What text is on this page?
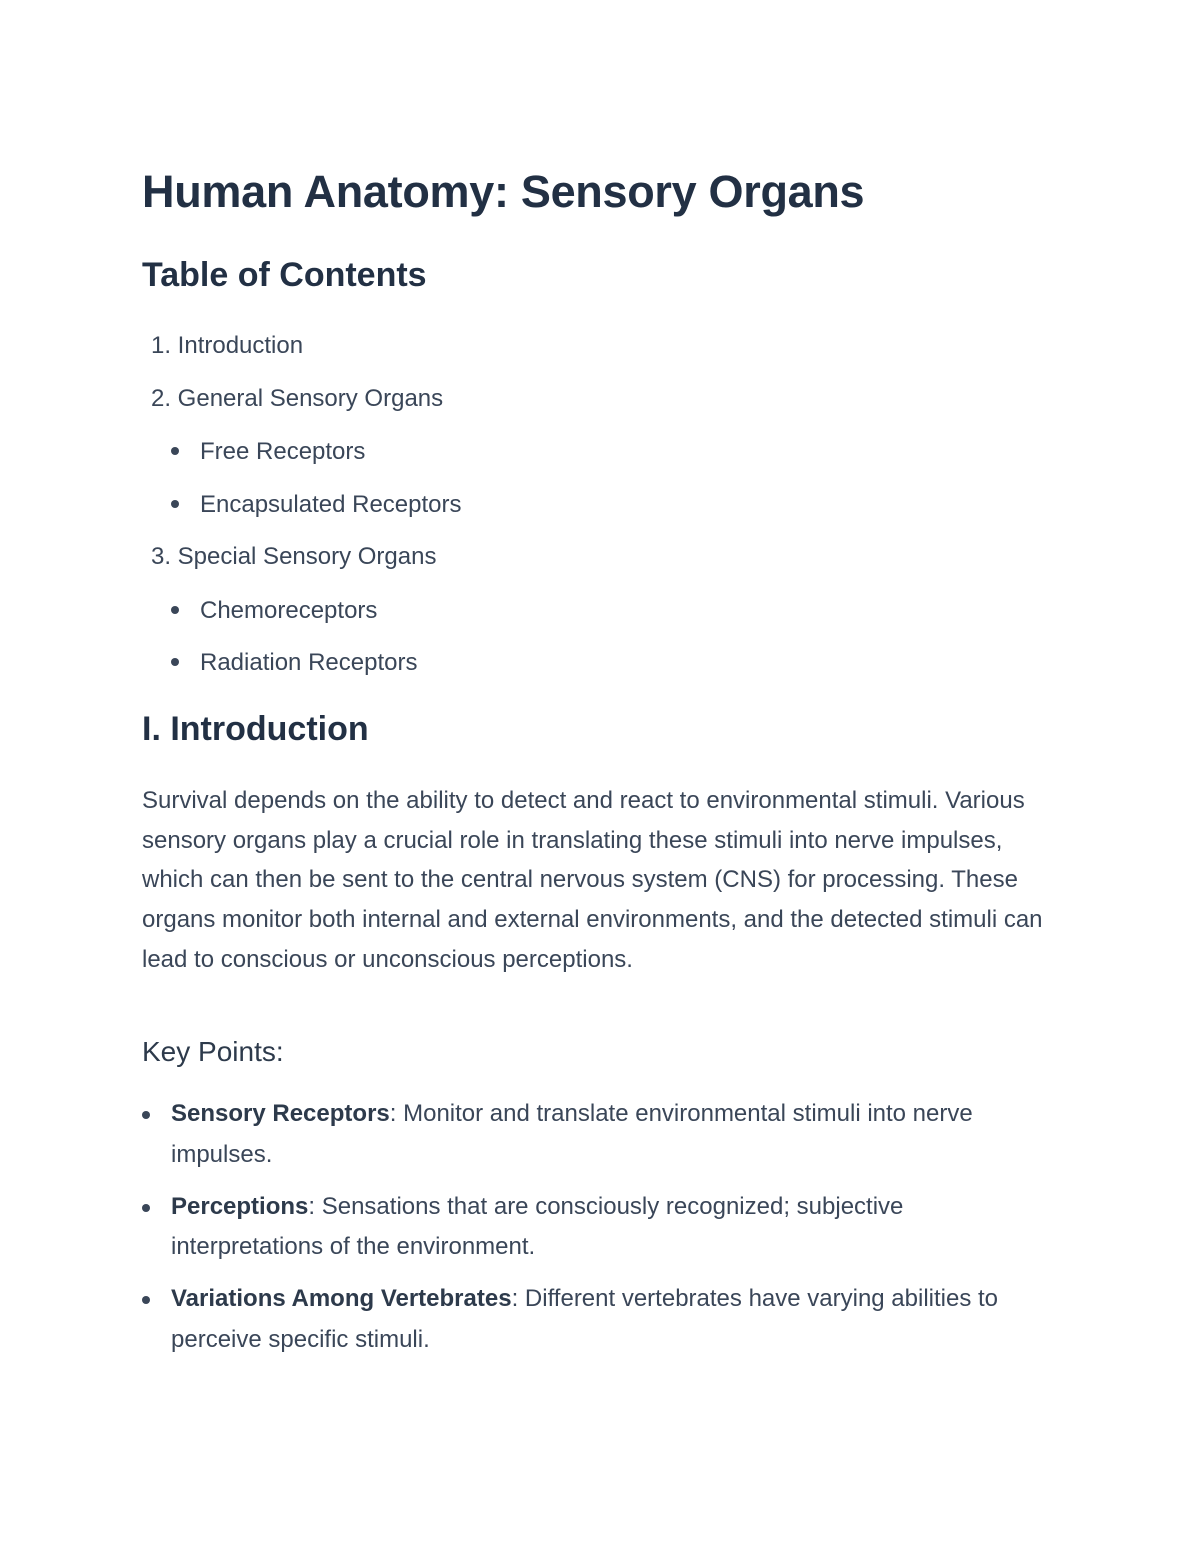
Human Anatomy: Sensory Organs
Table of Contents
1. Introduction
2. General Sensory Organs
Free Receptors
Encapsulated Receptors
3. Special Sensory Organs
Chemoreceptors
Radiation Receptors
I. Introduction

Survival depends on the ability to detect and react to environmental stimuli. Various sensory organs play a crucial role in translating these stimuli into nerve impulses, which can then be sent to the central nervous system (CNS) for processing. These organs monitor both internal and external environments, and the detected stimuli can lead to conscious or unconscious perceptions.

Key Points:
Sensory Receptors: Monitor and translate environmental stimuli into nerve impulses.
Perceptions: Sensations that are consciously recognized; subjective interpretations of the environment.
Variations Among Vertebrates: Different vertebrates have varying abilities to perceive specific stimuli.
